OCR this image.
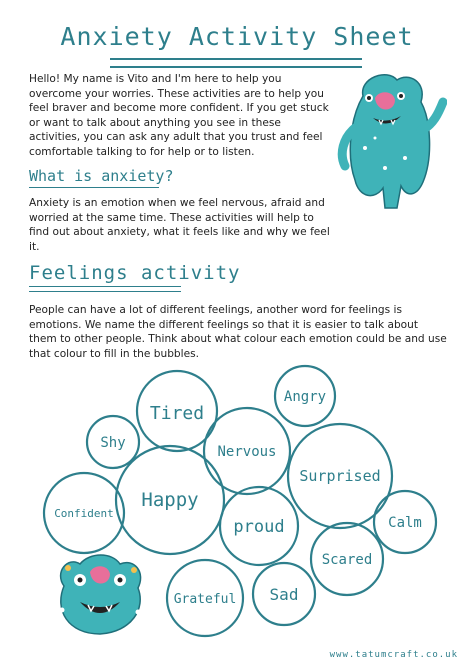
Anxiety Activity Sheet
Hello! My name is Vito and I'm here to help you overcome your worries. These activities are to help you feel braver and become more confident. If you get stuck or want to talk about anything you see in these activities, you can ask any adult that you trust and feel comfortable talking to for help or to listen.
What is anxiety?
Anxiety is an emotion when we feel nervous, afraid and worried at the same time. These activities will help to find out about anxiety, what it feels like and why we feel it.
Feelings activity
People can have a lot of different feelings, another word for feelings is emotions. We name the different feelings so that it is easier to talk about them to other people. Think about what colour each emotion could be and use that colour to fill in the bubbles.
Tired
Angry
Shy
Nervous
Surprised
Confident
Happy
proud	Calm
Scared
Grateful Sad
www.tatumcraft.co.uk
